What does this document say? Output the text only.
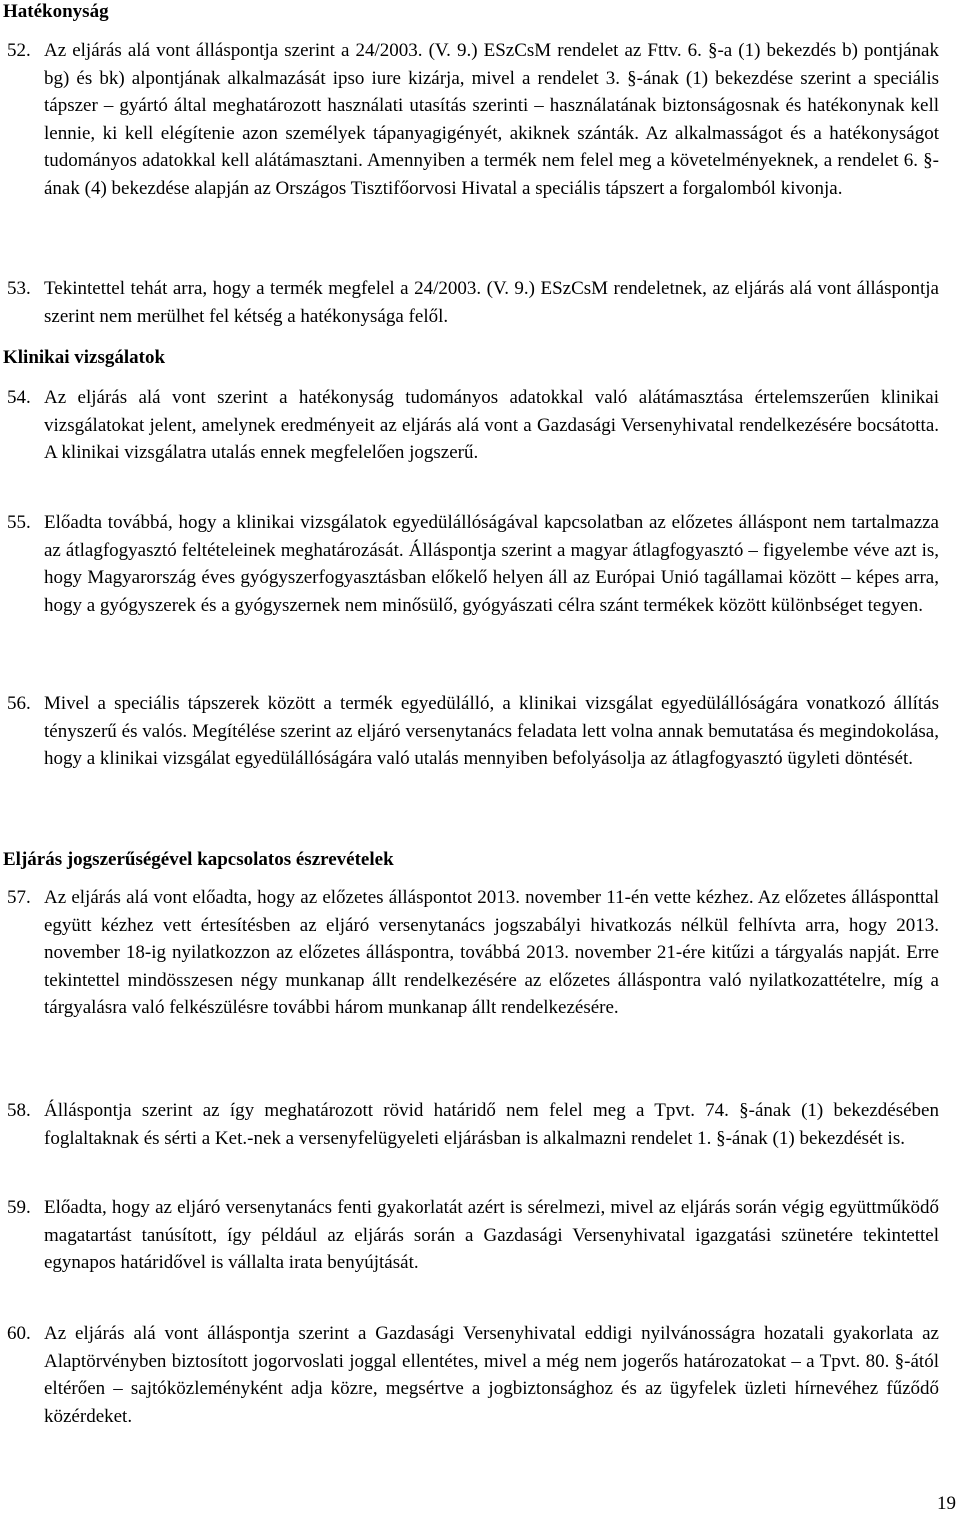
Hatékonyság
52. Az eljárás alá vont álláspontja szerint a 24/2003. (V. 9.) ESzCsM rendelet az Fttv. 6. §-a (1) bekezdés b) pontjának bg) és bk) alpontjának alkalmazását ipso iure kizárja, mivel a rendelet 3. §-ának (1) bekezdése szerint a speciális tápszer – gyártó által meghatározott használati utasítás szerinti – használatának biztonságosnak és hatékonynak kell lennie, ki kell elégítenie azon személyek tápanyagigényét, akiknek szánták. Az alkalmasságot és a hatékonyságot tudományos adatokkal kell alátámasztani. Amennyiben a termék nem felel meg a követelményeknek, a rendelet 6. §-ának (4) bekezdése alapján az Országos Tisztifőorvosi Hivatal a speciális tápszert a forgalomból kivonja.
53. Tekintettel tehát arra, hogy a termék megfelel a 24/2003. (V. 9.) ESzCsM rendeletnek, az eljárás alá vont álláspontja szerint nem merülhet fel kétség a hatékonysága felől.
Klinikai vizsgálatok
54. Az eljárás alá vont szerint a hatékonyság tudományos adatokkal való alátámasztása értelemszerűen klinikai vizsgálatokat jelent, amelynek eredményeit az eljárás alá vont a Gazdasági Versenyhivatal rendelkezésére bocsátotta. A klinikai vizsgálatra utalás ennek megfelelően jogszerű.
55. Előadta továbbá, hogy a klinikai vizsgálatok egyedülállóságával kapcsolatban az előzetes álláspont nem tartalmazza az átlagfogyasztó feltételeinek meghatározását. Álláspontja szerint a magyar átlagfogyasztó – figyelembe véve azt is, hogy Magyarország éves gyógyszerfogyasztásban előkelő helyen áll az Európai Unió tagállamai között – képes arra, hogy a gyógyszerek és a gyógyszernek nem minősülő, gyógyászati célra szánt termékek között különbséget tegyen.
56. Mivel a speciális tápszerek között a termék egyedülálló, a klinikai vizsgálat egyedülállóságára vonatkozó állítás tényszerű és valós. Megítélése szerint az eljáró versenytanács feladata lett volna annak bemutatása és megindokolása, hogy a klinikai vizsgálat egyedülállóságára való utalás mennyiben befolyásolja az átlagfogyasztó ügyleti döntését.
Eljárás jogszerűségével kapcsolatos észrevételek
57. Az eljárás alá vont előadta, hogy az előzetes álláspontot 2013. november 11-én vette kézhez. Az előzetes állásponttal együtt kézhez vett értesítésben az eljáró versenytanács jogszabályi hivatkozás nélkül felhívta arra, hogy 2013. november 18-ig nyilatkozzon az előzetes álláspontra, továbbá 2013. november 21-ére kitűzi a tárgyalás napját. Erre tekintettel mindösszesen négy munkanap állt rendelkezésére az előzetes álláspontra való nyilatkozattételre, míg a tárgyalásra való felkészülésre további három munkanap állt rendelkezésére.
58. Álláspontja szerint az így meghatározott rövid határidő nem felel meg a Tpvt. 74. §-ának (1) bekezdésében foglaltaknak és sérti a Ket.-nek a versenyfelügyeleti eljárásban is alkalmazni rendelet 1. §-ának (1) bekezdését is.
59. Előadta, hogy az eljáró versenytanács fenti gyakorlatát azért is sérelmezi, mivel az eljárás során végig együttműködő magatartást tanúsított, így például az eljárás során a Gazdasági Versenyhivatal igazgatási szünetére tekintettel egynapos határidővel is vállalta irata benyújtását.
60. Az eljárás alá vont álláspontja szerint a Gazdasági Versenyhivatal eddigi nyilvánosságra hozatali gyakorlata az Alaptörvényben biztosított jogorvoslati joggal ellentétes, mivel a még nem jogerős határozatokat – a Tpvt. 80. §-ától eltérően – sajtóközleményként adja közre, megsértve a jogbiztonsághoz és az ügyfelek üzleti hírnevéhez fűződő közérdeket.
19
